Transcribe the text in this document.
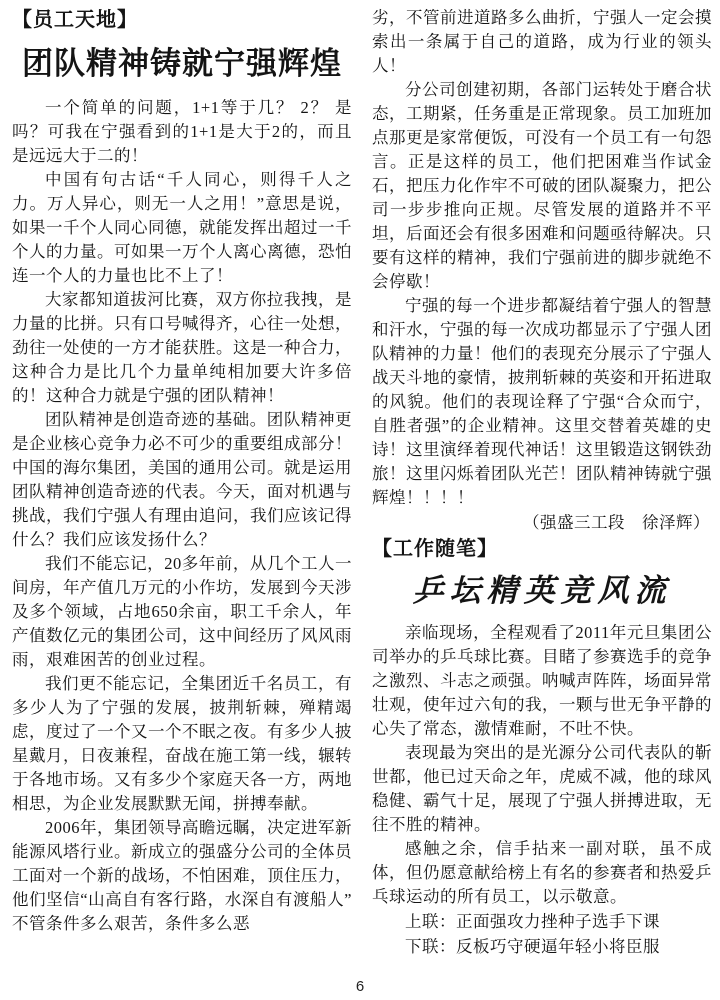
【员工天地】
团队精神铸就宁强辉煌

一个简单的问题，1+1等于几？ 2？ 是吗？可我在宁强看到的1+1是大于2的，而且是远远大于二的！

中国有句古话“千人同心，则得千人之力。万人异心，则无一人之用！”意思是说，如果一千个人同心同德，就能发挥出超过一千个人的力量。可如果一万个人离心离德，恐怕连一个人的力量也比不上了！

大家都知道拔河比赛，双方你拉我拽，是力量的比拼。只有口号喊得齐，心往一处想，劲往一处使的一方才能获胜。这是一种合力，这种合力是比几个力量单纯相加要大许多倍的！这种合力就是宁强的团队精神！

团队精神是创造奇迹的基础。团队精神更是企业核心竞争力必不可少的重要组成部分！中国的海尔集团，美国的通用公司。就是运用团队精神创造奇迹的代表。今天，面对机遇与挑战，我们宁强人有理由追问，我们应该记得什么？我们应该发扬什么？

我们不能忘记，20多年前，从几个工人一间房，年产值几万元的小作坊，发展到今天涉及多个领域，占地650余亩，职工千余人，年产值数亿元的集团公司，这中间经历了风风雨雨，艰难困苦的创业过程。

我们更不能忘记，全集团近千名员工，有多少人为了宁强的发展，披荆斩棘，殚精竭虑，度过了一个又一个不眠之夜。有多少人披星戴月，日夜兼程，奋战在施工第一线，辗转于各地市场。又有多少个家庭天各一方，两地相思，为企业发展默默无闻，拼搏奉献。

2006年，集团领导高瞻远瞩，决定进军新能源风塔行业。新成立的强盛分公司的全体员工面对一个新的战场，不怕困难，顶住压力，他们坚信“山高自有客行路，水深自有渡船人”不管条件多么艰苦，条件多么恶

劣，不管前进道路多么曲折，宁强人一定会摸索出一条属于自己的道路，成为行业的领头人！

分公司创建初期，各部门运转处于磨合状态，工期紧，任务重是正常现象。员工加班加点那更是家常便饭，可没有一个员工有一句怨言。正是这样的员工，他们把困难当作试金石，把压力化作牢不可破的团队凝聚力，把公司一步步推向正规。尽管发展的道路并不平坦，后面还会有很多困难和问题亟待解决。只要有这样的精神，我们宁强前进的脚步就绝不会停歇！

宁强的每一个进步都凝结着宁强人的智慧和汗水，宁强的每一次成功都显示了宁强人团队精神的力量！他们的表现充分展示了宁强人战天斗地的豪情，披荆斩棘的英姿和开拓进取的风貌。他们的表现诠释了宁强“合众而宁，自胜者强”的企业精神。这里交替着英雄的史诗！这里演绎着现代神话！这里锻造这钢铁劲旅！这里闪烁着团队光芒！团队精神铸就宁强辉煌！！！！

（强盛三工段　徐泽辉）

【工作随笔】
乒坛精英竞风流

亲临现场，全程观看了2011年元旦集团公司举办的乒乓球比赛。目睹了参赛选手的竞争之激烈、斗志之顽强。呐喊声阵阵，场面异常壮观，使年过六旬的我，一颗与世无争平静的心失了常态，激情难耐，不吐不快。

表现最为突出的是光源分公司代表队的靳世都，他已过天命之年，虎威不减，他的球风稳健、霸气十足，展现了宁强人拼搏进取，无往不胜的精神。

感触之余，信手拈来一副对联，虽不成体，但仍愿意献给榜上有名的参赛者和热爱乒乓球运动的所有员工，以示敬意。

上联：正面强攻力挫种子选手下课

下联：反板巧守硬逼年轻小将臣服

6
